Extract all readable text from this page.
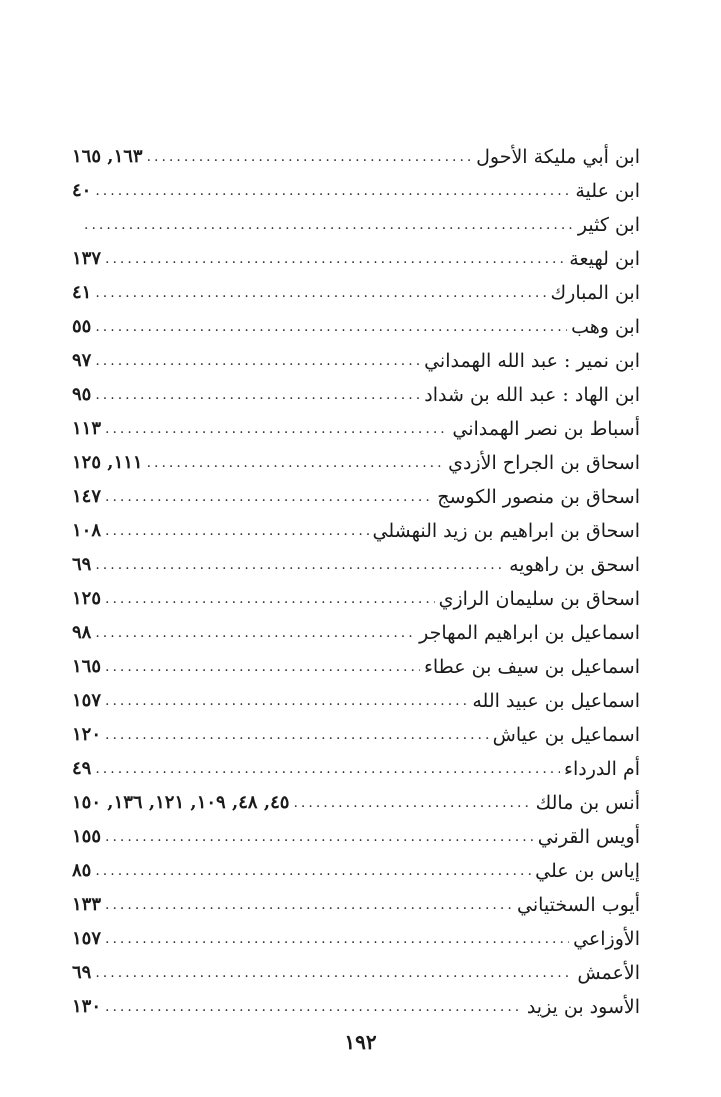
ابن أبي مليكة الأحول
.....
١٦٣, ١٦٥
ابن علية
.....
٤٠
ابن كثير
.....
ابن لهيعة
.....
١٣٧
ابن المبارك
.....
٤١
ابن وهب
.....
٥٥
ابن نمير : عبد الله الهمداني
.....
٩٧
ابن الهاد : عبد الله بن شداد
.....
٩٥
أسباط بن نصر الهمداني
.....
١١٣
اسحاق بن الجراح الأزدي
.....
١١١, ١٢٥
اسحاق بن منصور الكوسج
.....
١٤٧
اسحاق بن ابراهيم بن زيد النهشلي
.....
١٠٨
اسحق بن راهويه
.....
٦٩
اسحاق بن سليمان الرازي
.....
١٢٥
اسماعيل بن ابراهيم المهاجر
.....
٩٨
اسماعيل بن سيف بن عطاء
.....
١٦٥
اسماعيل بن عبيد الله
.....
١٥٧
اسماعيل بن عياش
.....
١٢٠
أم الدرداء
.....
٤٩
أنس بن مالك
.....
٤٥, ٤٨, ١٠٩, ١٢١, ١٣٦, ١٥٠
أويس القرني
.....
١٥٥
إياس بن علي
.....
٨٥
أيوب السختياني
.....
١٣٣
الأوزاعي
.....
١٥٧
الأعمش
.....
٦٩
الأسود بن يزيد
.....
١٣٠
١٩٢
